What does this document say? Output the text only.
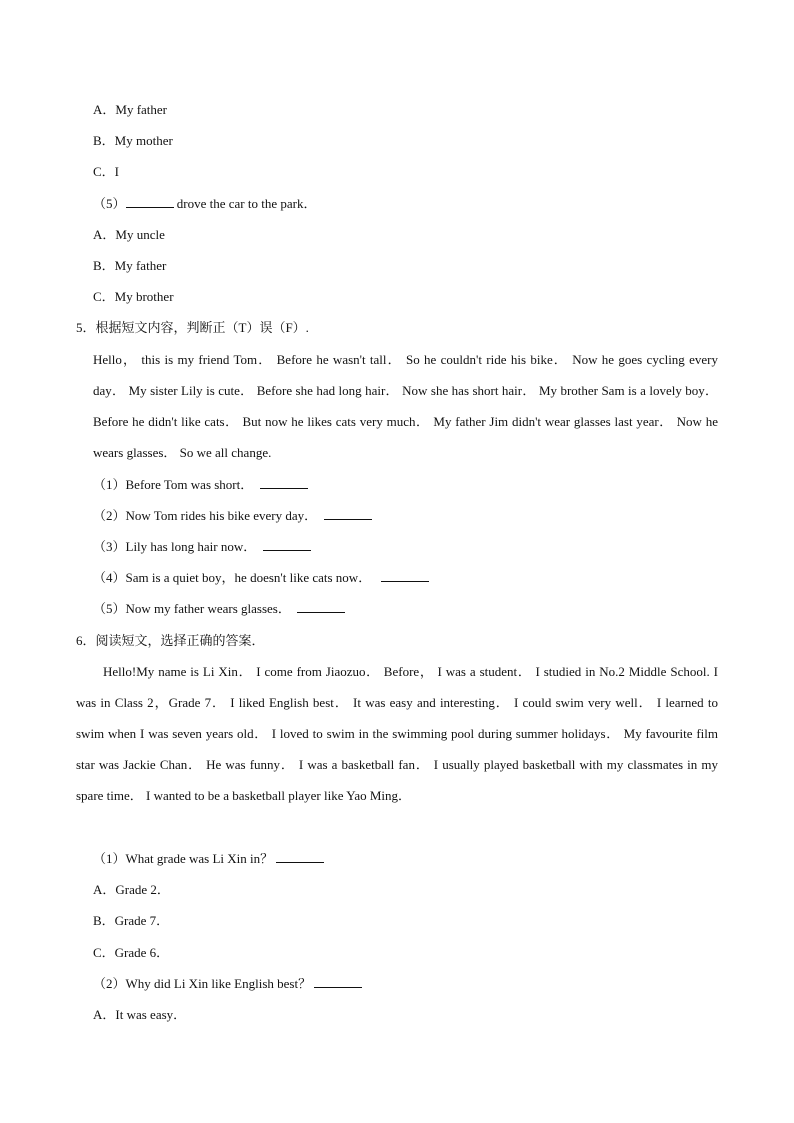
A．My father
B．My mother
C．I
（5）	drove the car to the park．
A．My uncle
B．My father
C．My brother
5．根据短文内容，判断正（T）误（F）.
Hello， this is my friend Tom． Before he wasn't tall． So he couldn't ride his bike． Now he goes cycling every day． My sister Lily is cute． Before she had long hair． Now she has short hair． My brother Sam is a lovely boy． Before he didn't like cats． But now he likes cats very much． My father Jim didn't wear glasses last year． Now he wears glasses． So we all change.
（1）Before Tom was short．
（2）Now Tom rides his bike every day．
（3）Lily has long hair now．
（4）Sam is a quiet boy，he doesn't like cats now．
（5）Now my father wears glasses．
6．阅读短文，选择正确的答案．
Hello!My name is Li Xin． I come from Jiaozuo． Before， I was a student． I studied in No.2 Middle School. I was in Class 2，Grade 7． I liked English best． It was easy and interesting． I could swim very well． I learned to swim when I was seven years old． I loved to swim in the swimming pool during summer holidays． My favourite film star was Jackie Chan． He was funny． I was a basketball fan． I usually played basketball with my classmates in my spare time． I wanted to be a basketball player like Yao Ming．
（1）What grade was Li Xin in？
A．Grade 2．
B．Grade 7．
C．Grade 6．
（2）Why did Li Xin like English best？
A．It was easy．
